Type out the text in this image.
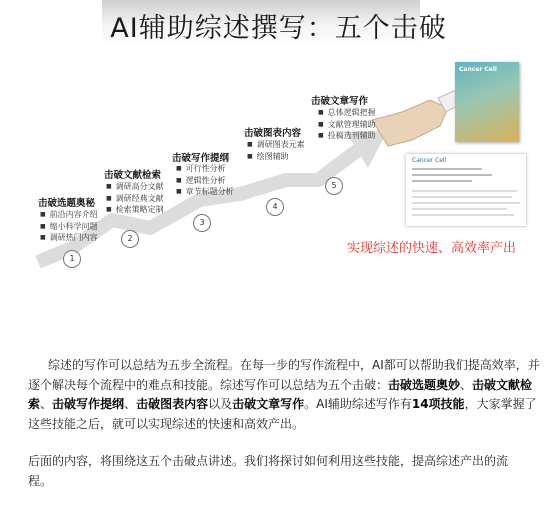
AI辅助综述撰写：五个击破
击破选题奥秘
■ 前沿内容介绍
■ 缩小科学问题
■ 调研热门内容
1
击破文献检索
■ 调研高分文献
■ 调研经典文献
■ 检索策略定制
2
击破写作提纲
■ 可行性分析
■ 逻辑性分析
■ 章节标题分析
3
击破图表内容
■ 调研图表元素
■ 绘图辅助
4
击破文章写作
■ 总体逻辑把握
■ 文献管理辅助
■ 投稿选刊辅助
5
Cancer Cell
Cancer Cell
实现综述的快速、高效率产出
综述的写作可以总结为五步全流程。在每一步的写作流程中，AI都可以帮助我们提高效率，并逐个解决每个流程中的难点和技能。综述写作可以总结为五个击破：击破选题奥妙、击破文献检索、击破写作提纲、击破图表内容以及击破文章写作。AI辅助综述写作有14项技能，大家掌握了这些技能之后，就可以实现综述的快速和高效产出。
后面的内容，将围绕这五个击破点讲述。我们将探讨如何利用这些技能，提高综述产出的流程。
